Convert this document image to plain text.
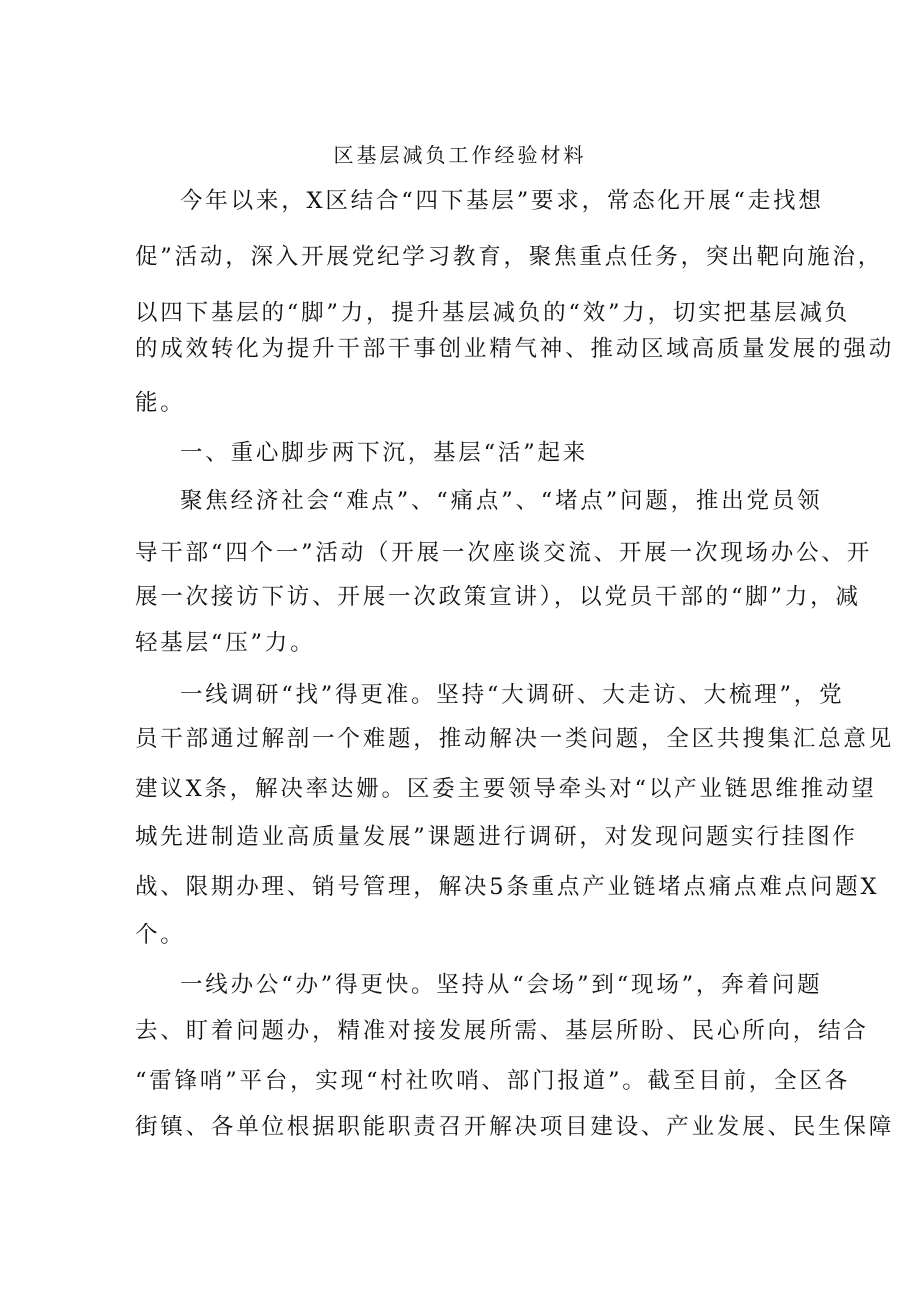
区基层减负工作经验材料
今年以来，X区结合“四下基层”要求，常态化开展“走找想
促”活动，深入开展党纪学习教育，聚焦重点任务，突出靶向施治，
以四下基层的“脚”力，提升基层减负的“效”力，切实把基层减负
的成效转化为提升干部干事创业精气神、推动区域高质量发展的强动
能。
一、重心脚步两下沉，基层“活”起来
聚焦经济社会“难点”、“痛点”、“堵点”问题，推出党员领
导干部“四个一”活动（开展一次座谈交流、开展一次现场办公、开
展一次接访下访、开展一次政策宣讲），以党员干部的“脚”力，减
轻基层“压”力。
一线调研“找”得更准。坚持“大调研、大走访、大梳理”，党
员干部通过解剖一个难题，推动解决一类问题，全区共搜集汇总意见
建议X条，解决率达姗。区委主要领导牵头对“以产业链思维推动望
城先进制造业高质量发展”课题进行调研，对发现问题实行挂图作
战、限期办理、销号管理，解决5条重点产业链堵点痛点难点问题X
个。
一线办公“办”得更快。坚持从“会场”到“现场”，奔着问题
去、盯着问题办，精准对接发展所需、基层所盼、民心所向，结合
“雷锋哨”平台，实现“村社吹哨、部门报道”。截至目前，全区各
街镇、各单位根据职能职责召开解决项目建设、产业发展、民生保障
